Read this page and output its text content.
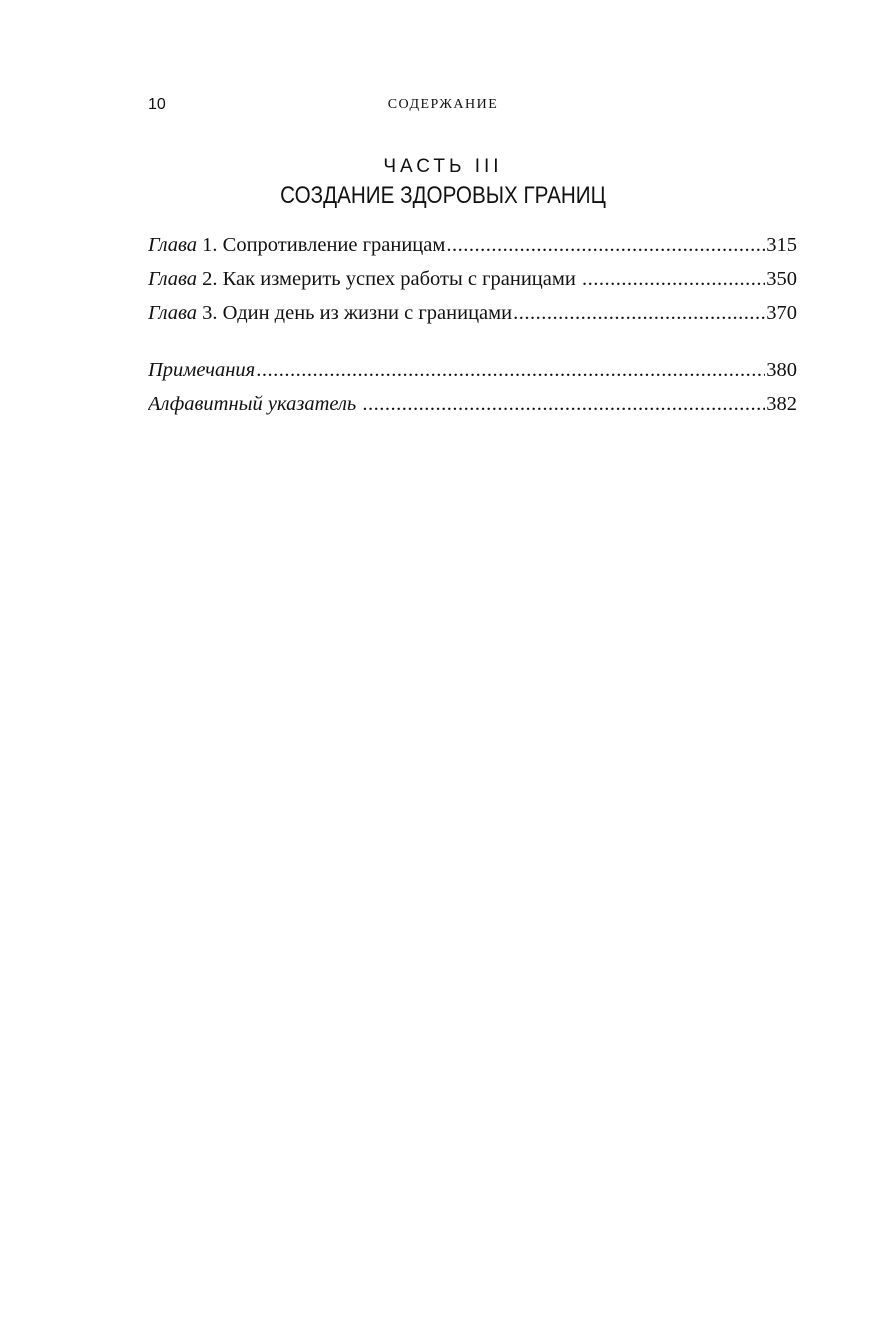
10	СОДЕРЖАНИЕ
ЧАСТЬ III
СОЗДАНИЕ ЗДОРОВЫХ ГРАНИЦ
Глава 1. Сопротивление границам .....	315
Глава 2. Как измерить успех работы с границами .....	350
Глава 3. Один день из жизни с границами .....	370
Примечания .....	380
Алфавитный указатель .....	382
